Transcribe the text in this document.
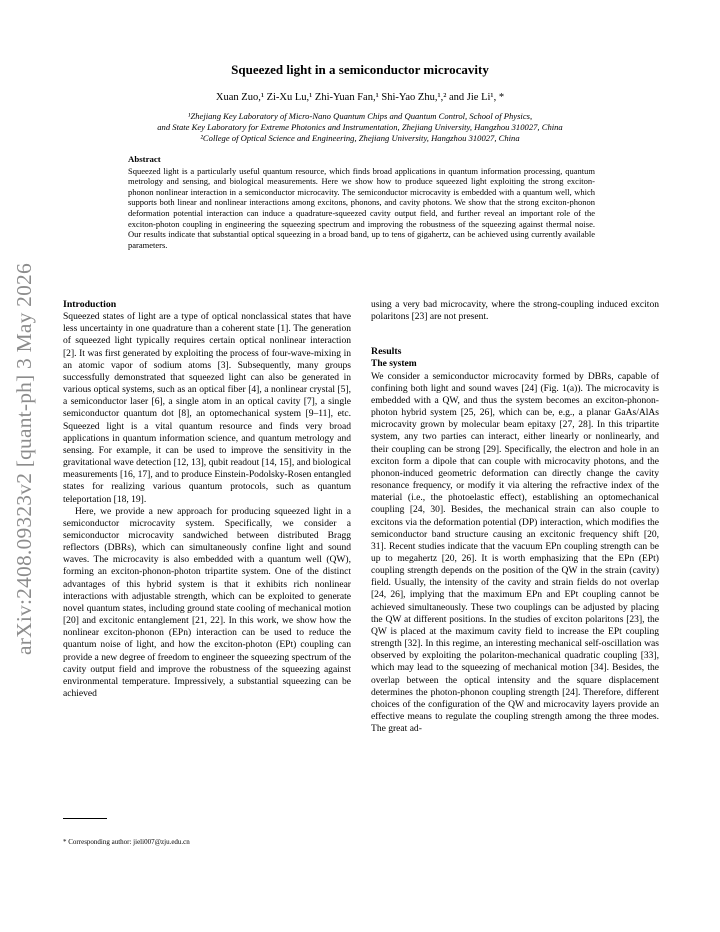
arXiv:2408.09323v2 [quant-ph] 3 May 2026
Squeezed light in a semiconductor microcavity
Xuan Zuo,¹ Zi-Xu Lu,¹ Zhi-Yuan Fan,¹ Shi-Yao Zhu,¹,² and Jie Li¹, *
¹Zhejiang Key Laboratory of Micro-Nano Quantum Chips and Quantum Control, School of Physics,
and State Key Laboratory for Extreme Photonics and Instrumentation, Zhejiang University, Hangzhou 310027, China
²College of Optical Science and Engineering, Zhejiang University, Hangzhou 310027, China
Abstract
Squeezed light is a particularly useful quantum resource, which finds broad applications in quantum information processing, quantum metrology and sensing, and biological measurements. Here we show how to produce squeezed light exploiting the strong exciton-phonon nonlinear interaction in a semiconductor microcavity. The semiconductor microcavity is embedded with a quantum well, which supports both linear and nonlinear interactions among excitons, phonons, and cavity photons. We show that the strong exciton-phonon deformation potential interaction can induce a quadrature-squeezed cavity output field, and further reveal an important role of the exciton-photon coupling in engineering the squeezing spectrum and improving the robustness of the squeezing against thermal noise. Our results indicate that substantial optical squeezing in a broad band, up to tens of gigahertz, can be achieved using currently available parameters.

Introduction

Squeezed states of light are a type of optical nonclassical states that have less uncertainty in one quadrature than a coherent state [1]. The generation of squeezed light typically requires certain optical nonlinear interaction [2]. It was first generated by exploiting the process of four-wave-mixing in an atomic vapor of sodium atoms [3]. Subsequently, many groups successfully demonstrated that squeezed light can also be generated in various optical systems, such as an optical fiber [4], a nonlinear crystal [5], a semiconductor laser [6], a single atom in an optical cavity [7], a single semiconductor quantum dot [8], an optomechanical system [9–11], etc. Squeezed light is a vital quantum resource and finds very broad applications in quantum information science, and quantum metrology and sensing. For example, it can be used to improve the sensitivity in the gravitational wave detection [12, 13], qubit readout [14, 15], and biological measurements [16, 17], and to produce Einstein-Podolsky-Rosen entangled states for realizing various quantum protocols, such as quantum teleportation [18, 19].

Here, we provide a new approach for producing squeezed light in a semiconductor microcavity system. Specifically, we consider a semiconductor microcavity sandwiched between distributed Bragg reflectors (DBRs), which can simultaneously confine light and sound waves. The microcavity is also embedded with a quantum well (QW), forming an exciton-phonon-photon tripartite system. One of the distinct advantages of this hybrid system is that it exhibits rich nonlinear interactions with adjustable strength, which can be exploited to generate novel quantum states, including ground state cooling of mechanical motion [20] and excitonic entanglement [21, 22]. In this work, we show how the nonlinear exciton-phonon (EPn) interaction can be used to reduce the quantum noise of light, and how the exciton-photon (EPt) coupling can provide a new degree of freedom to engineer the squeezing spectrum of the cavity output field and improve the robustness of the squeezing against environmental temperature. Impressively, a substantial squeezing can be achieved

using a very bad microcavity, where the strong-coupling induced exciton polaritons [23] are not present.

Results

The system

We consider a semiconductor microcavity formed by DBRs, capable of confining both light and sound waves [24] (Fig. 1(a)). The microcavity is embedded with a QW, and thus the system becomes an exciton-phonon-photon hybrid system [25, 26], which can be, e.g., a planar GaAs/AlAs microcavity grown by molecular beam epitaxy [27, 28]. In this tripartite system, any two parties can interact, either linearly or nonlinearly, and their coupling can be strong [29]. Specifically, the electron and hole in an exciton form a dipole that can couple with microcavity photons, and the phonon-induced geometric deformation can directly change the cavity resonance frequency, or modify it via altering the refractive index of the material (i.e., the photoelastic effect), establishing an optomechanical coupling [24, 30]. Besides, the mechanical strain can also couple to excitons via the deformation potential (DP) interaction, which modifies the semiconductor band structure causing an excitonic frequency shift [20, 31]. Recent studies indicate that the vacuum EPn coupling strength can be up to megahertz [20, 26]. It is worth emphasizing that the EPn (EPt) coupling strength depends on the position of the QW in the strain (cavity) field. Usually, the intensity of the cavity and strain fields do not overlap [24, 26], implying that the maximum EPn and EPt coupling cannot be achieved simultaneously. These two couplings can be adjusted by placing the QW at different positions. In the studies of exciton polaritons [23], the QW is placed at the maximum cavity field to increase the EPt coupling strength [32]. In this regime, an interesting mechanical self-oscillation was observed by exploiting the polariton-mechanical quadratic coupling [33], which may lead to the squeezing of mechanical motion [34]. Besides, the overlap between the optical intensity and the square displacement determines the photon-phonon coupling strength [24]. Therefore, different choices of the configuration of the QW and microcavity layers provide an effective means to regulate the coupling strength among the three modes. The great ad-

* Corresponding author: jieli007@zju.edu.cn
